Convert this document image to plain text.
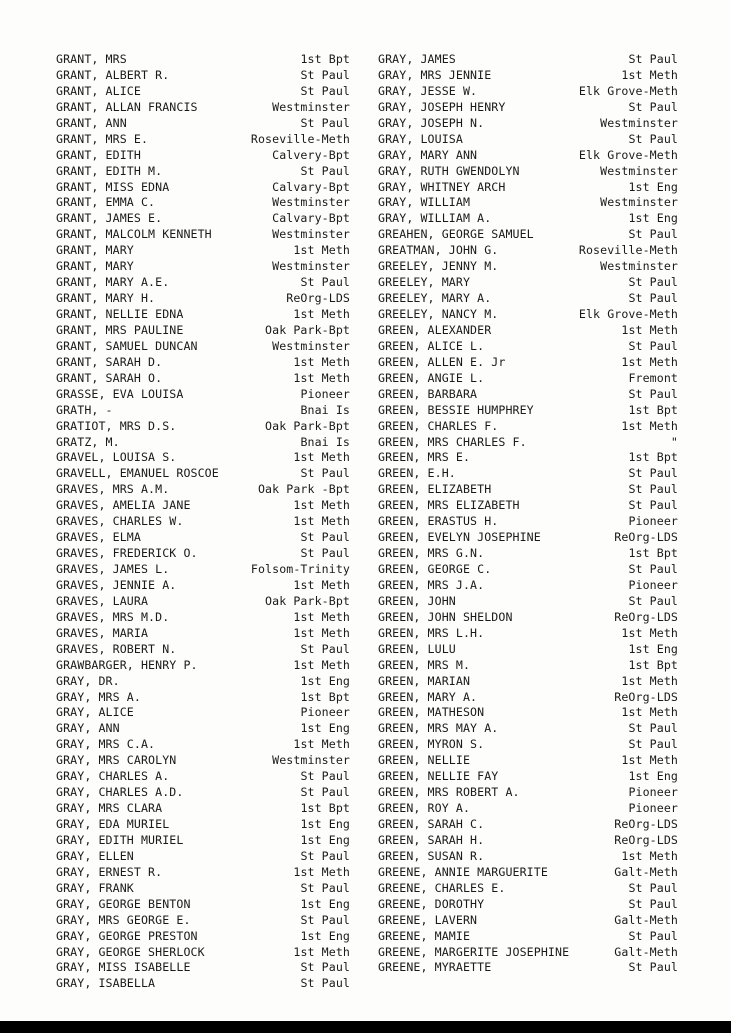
GRANT, MRS	1st Bpt
GRANT, ALBERT R.	St Paul
GRANT, ALICE	St Paul
GRANT, ALLAN FRANCIS	Westminster
GRANT, ANN	St Paul
GRANT, MRS E.	Roseville-Meth
GRANT, EDITH	Calvery-Bpt
GRANT, EDITH M.	St Paul
GRANT, MISS EDNA	Calvary-Bpt
GRANT, EMMA C.	Westminster
GRANT, JAMES E.	Calvary-Bpt
GRANT, MALCOLM KENNETH	Westminster
GRANT, MARY	1st Meth
GRANT, MARY	Westminster
GRANT, MARY A.E.	St Paul
GRANT, MARY H.	ReOrg-LDS
GRANT, NELLIE EDNA	1st Meth
GRANT, MRS PAULINE	Oak Park-Bpt
GRANT, SAMUEL DUNCAN	Westminster
GRANT, SARAH D.	1st Meth
GRANT, SARAH O.	1st Meth
GRASSE, EVA LOUISA	Pioneer
GRATH, -	Bnai Is
GRATIOT, MRS D.S.	Oak Park-Bpt
GRATZ, M.	Bnai Is
GRAVEL, LOUISA S.	1st Meth
GRAVELL, EMANUEL ROSCOE	St Paul
GRAVES, MRS A.M.	Oak Park -Bpt
GRAVES, AMELIA JANE	1st Meth
GRAVES, CHARLES W.	1st Meth
GRAVES, ELMA	St Paul
GRAVES, FREDERICK O.	St Paul
GRAVES, JAMES L.	Folsom-Trinity
GRAVES, JENNIE A.	1st Meth
GRAVES, LAURA	Oak Park-Bpt
GRAVES, MRS M.D.	1st Meth
GRAVES, MARIA	1st Meth
GRAVES, ROBERT N.	St Paul
GRAWBARGER, HENRY P.	1st Meth
GRAY, DR.	1st Eng
GRAY, MRS A.	1st Bpt
GRAY, ALICE	Pioneer
GRAY, ANN	1st Eng
GRAY, MRS C.A.	1st Meth
GRAY, MRS CAROLYN	Westminster
GRAY, CHARLES A.	St Paul
GRAY, CHARLES A.D.	St Paul
GRAY, MRS CLARA	1st Bpt
GRAY, EDA MURIEL	1st Eng
GRAY, EDITH MURIEL	1st Eng
GRAY, ELLEN	St Paul
GRAY, ERNEST R.	1st Meth
GRAY, FRANK	St Paul
GRAY, GEORGE BENTON	1st Eng
GRAY, MRS GEORGE E.	St Paul
GRAY, GEORGE PRESTON	1st Eng
GRAY, GEORGE SHERLOCK	1st Meth
GRAY, MISS ISABELLE	St Paul
GRAY, ISABELLA	St Paul
GRAY, JAMES	St Paul
GRAY, MRS JENNIE	1st Meth
GRAY, JESSE W.	Elk Grove-Meth
GRAY, JOSEPH HENRY	St Paul
GRAY, JOSEPH N.	Westminster
GRAY, LOUISA	St Paul
GRAY, MARY ANN	Elk Grove-Meth
GRAY, RUTH GWENDOLYN	Westminster
GRAY, WHITNEY ARCH	1st Eng
GRAY, WILLIAM	Westminster
GRAY, WILLIAM A.	1st Eng
GREAHEN, GEORGE SAMUEL	St Paul
GREATMAN, JOHN G.	Roseville-Meth
GREELEY, JENNY M.	Westminster
GREELEY, MARY	St Paul
GREELEY, MARY A.	St Paul
GREELEY, NANCY M.	Elk Grove-Meth
GREEN, ALEXANDER	1st Meth
GREEN, ALICE L.	St Paul
GREEN, ALLEN E. Jr	1st Meth
GREEN, ANGIE L.	Fremont
GREEN, BARBARA	St Paul
GREEN, BESSIE HUMPHREY	1st Bpt
GREEN, CHARLES F.	1st Meth
GREEN, MRS CHARLES F.	"
GREEN, MRS E.	1st Bpt
GREEN, E.H.	St Paul
GREEN, ELIZABETH	St Paul
GREEN, MRS ELIZABETH	St Paul
GREEN, ERASTUS H.	Pioneer
GREEN, EVELYN JOSEPHINE	ReOrg-LDS
GREEN, MRS G.N.	1st Bpt
GREEN, GEORGE C.	St Paul
GREEN, MRS J.A.	Pioneer
GREEN, JOHN	St Paul
GREEN, JOHN SHELDON	ReOrg-LDS
GREEN, MRS L.H.	1st Meth
GREEN, LULU	1st Eng
GREEN, MRS M.	1st Bpt
GREEN, MARIAN	1st Meth
GREEN, MARY A.	ReOrg-LDS
GREEN, MATHESON	1st Meth
GREEN, MRS MAY A.	St Paul
GREEN, MYRON S.	St Paul
GREEN, NELLIE	1st Meth
GREEN, NELLIE FAY	1st Eng
GREEN, MRS ROBERT A.	Pioneer
GREEN, ROY A.	Pioneer
GREEN, SARAH C.	ReOrg-LDS
GREEN, SARAH H.	ReOrg-LDS
GREEN, SUSAN R.	1st Meth
GREENE, ANNIE MARGUERITE	Galt-Meth
GREENE, CHARLES E.	St Paul
GREENE, DOROTHY	St Paul
GREENE, LAVERN	Galt-Meth
GREENE, MAMIE	St Paul
GREENE, MARGERITE JOSEPHINE	Galt-Meth
GREENE, MYRAETTE	St Paul
